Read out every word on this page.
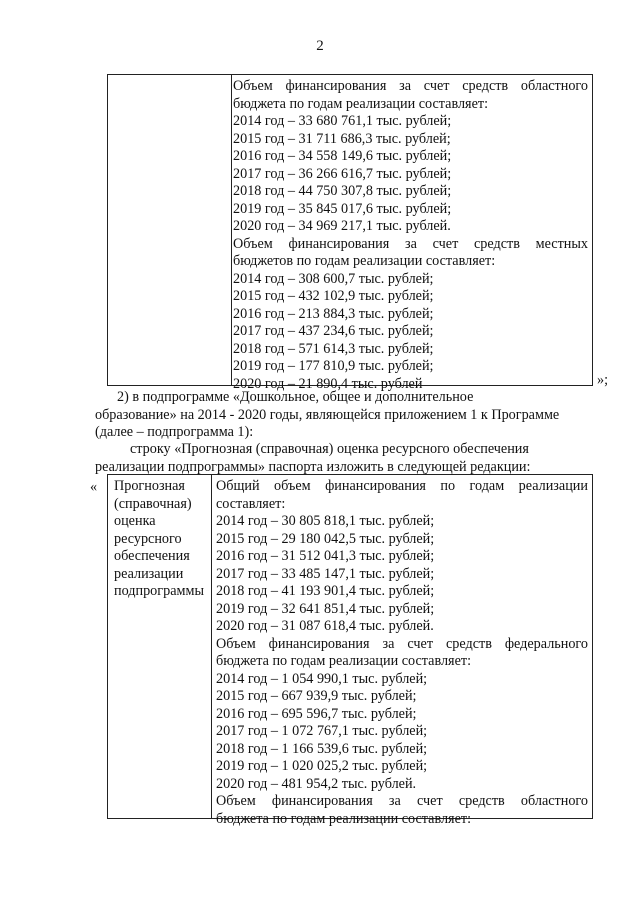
2
Объем финансирования за счет средств областного
бюджета по годам реализации составляет:
2014 год – 33 680 761,1 тыс. рублей;
2015 год – 31 711 686,3 тыс. рублей;
2016 год – 34 558 149,6 тыс. рублей;
2017 год – 36 266 616,7 тыс. рублей;
2018 год – 44 750 307,8 тыс. рублей;
2019 год – 35 845 017,6 тыс. рублей;
2020 год – 34 969 217,1 тыс. рублей.
Объем финансирования за счет средств местных
бюджетов по годам реализации составляет:
2014 год – 308 600,7 тыс. рублей;
2015 год – 432 102,9 тыс. рублей;
2016 год – 213 884,3 тыс. рублей;
2017 год – 437 234,6 тыс. рублей;
2018 год – 571 614,3 тыс. рублей;
2019 год – 177 810,9 тыс. рублей;
2020 год – 21 890,4 тыс. рублей	»;
2) в подпрограмме «Дошкольное, общее и дополнительное
образование» на 2014 - 2020 годы, являющейся приложением 1 к Программе
(далее – подпрограмма 1):
строку «Прогнозная (справочная) оценка ресурсного обеспечения
реализации подпрограммы» паспорта изложить в следующей редакции:
« Прогнозная
(справочная)
оценка
ресурсного
обеспечения
реализации
подпрограммы
Общий объем финансирования по годам реализации
составляет:
2014 год – 30 805 818,1 тыс. рублей;
2015 год – 29 180 042,5 тыс. рублей;
2016 год – 31 512 041,3 тыс. рублей;
2017 год – 33 485 147,1 тыс. рублей;
2018 год – 41 193 901,4 тыс. рублей;
2019 год – 32 641 851,4 тыс. рублей;
2020 год – 31 087 618,4 тыс. рублей.
Объем финансирования за счет средств федерального
бюджета по годам реализации составляет:
2014 год – 1 054 990,1 тыс. рублей;
2015 год – 667 939,9 тыс. рублей;
2016 год – 695 596,7 тыс. рублей;
2017 год – 1 072 767,1 тыс. рублей;
2018 год – 1 166 539,6 тыс. рублей;
2019 год – 1 020 025,2 тыс. рублей;
2020 год – 481 954,2 тыс. рублей.
Объем финансирования за счет средств областного
бюджета по годам реализации составляет:
